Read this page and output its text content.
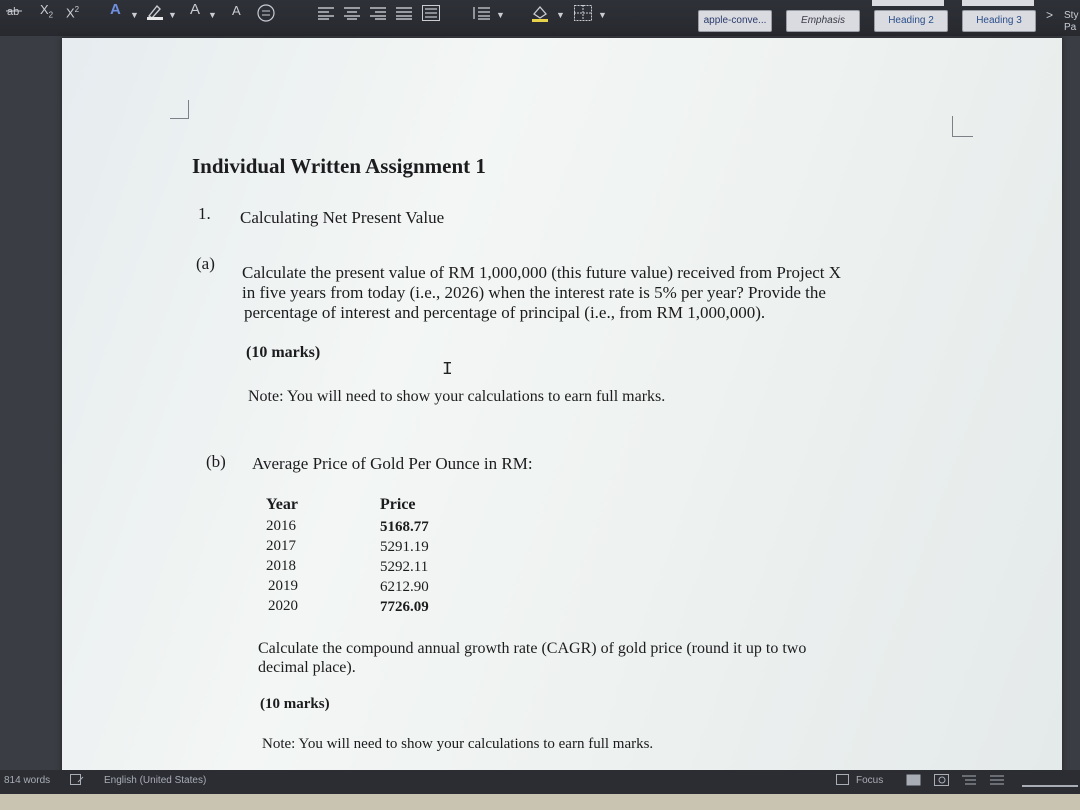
ab $X_2$ $X^2$ A ▼	▼ A ▼ A	▼	▼	▼	apple-conve...	Emphasis	Heading 2	Heading 3	> Sty
Pa
Individual Written Assignment 1
1. Calculating Net Present Value
(a) Calculate the present value of RM 1,000,000 (this future value) received from Project X
in five years from today (i.e., 2026) when the interest rate is 5% per year? Provide the
percentage of interest and percentage of principal (i.e., from RM 1,000,000).
(10 marks)
I
Note: You will need to show your calculations to earn full marks.
(b) Average Price of Gold Per Ounce in RM:
Year	Price
2016	5168.77
2017	5291.19
2018	5292.11
2019	6212.90
2020	7726.09
Calculate the compound annual growth rate (CAGR) of gold price (round it up to two
decimal place).
(10 marks)
Note: You will need to show your calculations to earn full marks.
814 words	English (United States)	Focus
